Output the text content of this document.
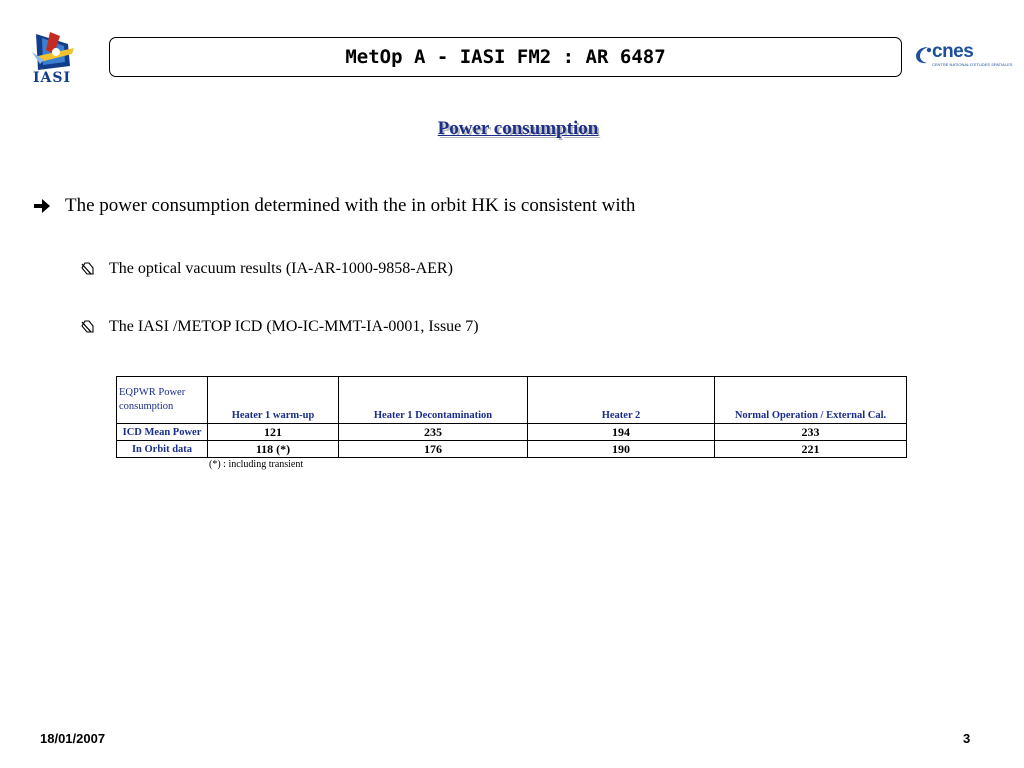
IASI
MetOp A - IASI FM2 : AR 6487	cnes
CENTRE NATIONAL D'ETUDES SPATIALES
Power consumption
The power consumption determined with the in orbit HK is consistent with
The optical vacuum results (IA-AR-1000-9858-AER)
The IASI /METOP ICD (MO-IC-MMT-IA-0001, Issue 7)
EQPWR Power consumption	Heater 1 warm-up	Heater 1 Decontamination	Heater 2	Normal Operation / External Cal.
ICD Mean Power	121	235	194	233
In Orbit data	118 (*)	176	190	221
(*) : including transient
18/01/2007	3
